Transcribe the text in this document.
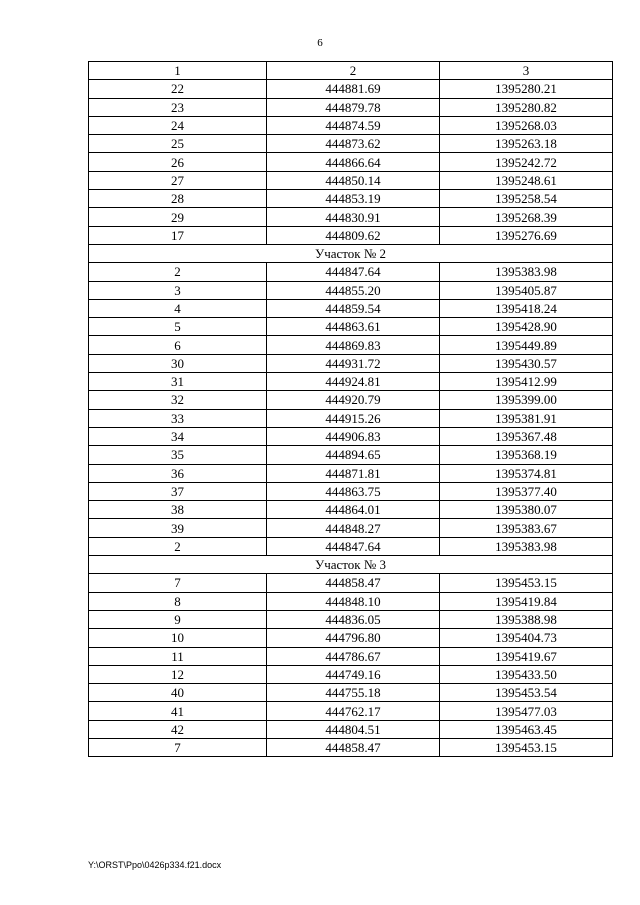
6
1	2	3
22	444881.69	1395280.21
23	444879.78	1395280.82
24	444874.59	1395268.03
25	444873.62	1395263.18
26	444866.64	1395242.72
27	444850.14	1395248.61
28	444853.19	1395258.54
29	444830.91	1395268.39
17	444809.62	1395276.69
Участок № 2		
2	444847.64	1395383.98
3	444855.20	1395405.87
4	444859.54	1395418.24
5	444863.61	1395428.90
6	444869.83	1395449.89
30	444931.72	1395430.57
31	444924.81	1395412.99
32	444920.79	1395399.00
33	444915.26	1395381.91
34	444906.83	1395367.48
35	444894.65	1395368.19
36	444871.81	1395374.81
37	444863.75	1395377.40
38	444864.01	1395380.07
39	444848.27	1395383.67
2	444847.64	1395383.98
Участок № 3		
7	444858.47	1395453.15
8	444848.10	1395419.84
9	444836.05	1395388.98
10	444796.80	1395404.73
11	444786.67	1395419.67
12	444749.16	1395433.50
40	444755.18	1395453.54
41	444762.17	1395477.03
42	444804.51	1395463.45
7	444858.47	1395453.15
Y:\ORST\Ppo\0426p334.f21.docx
